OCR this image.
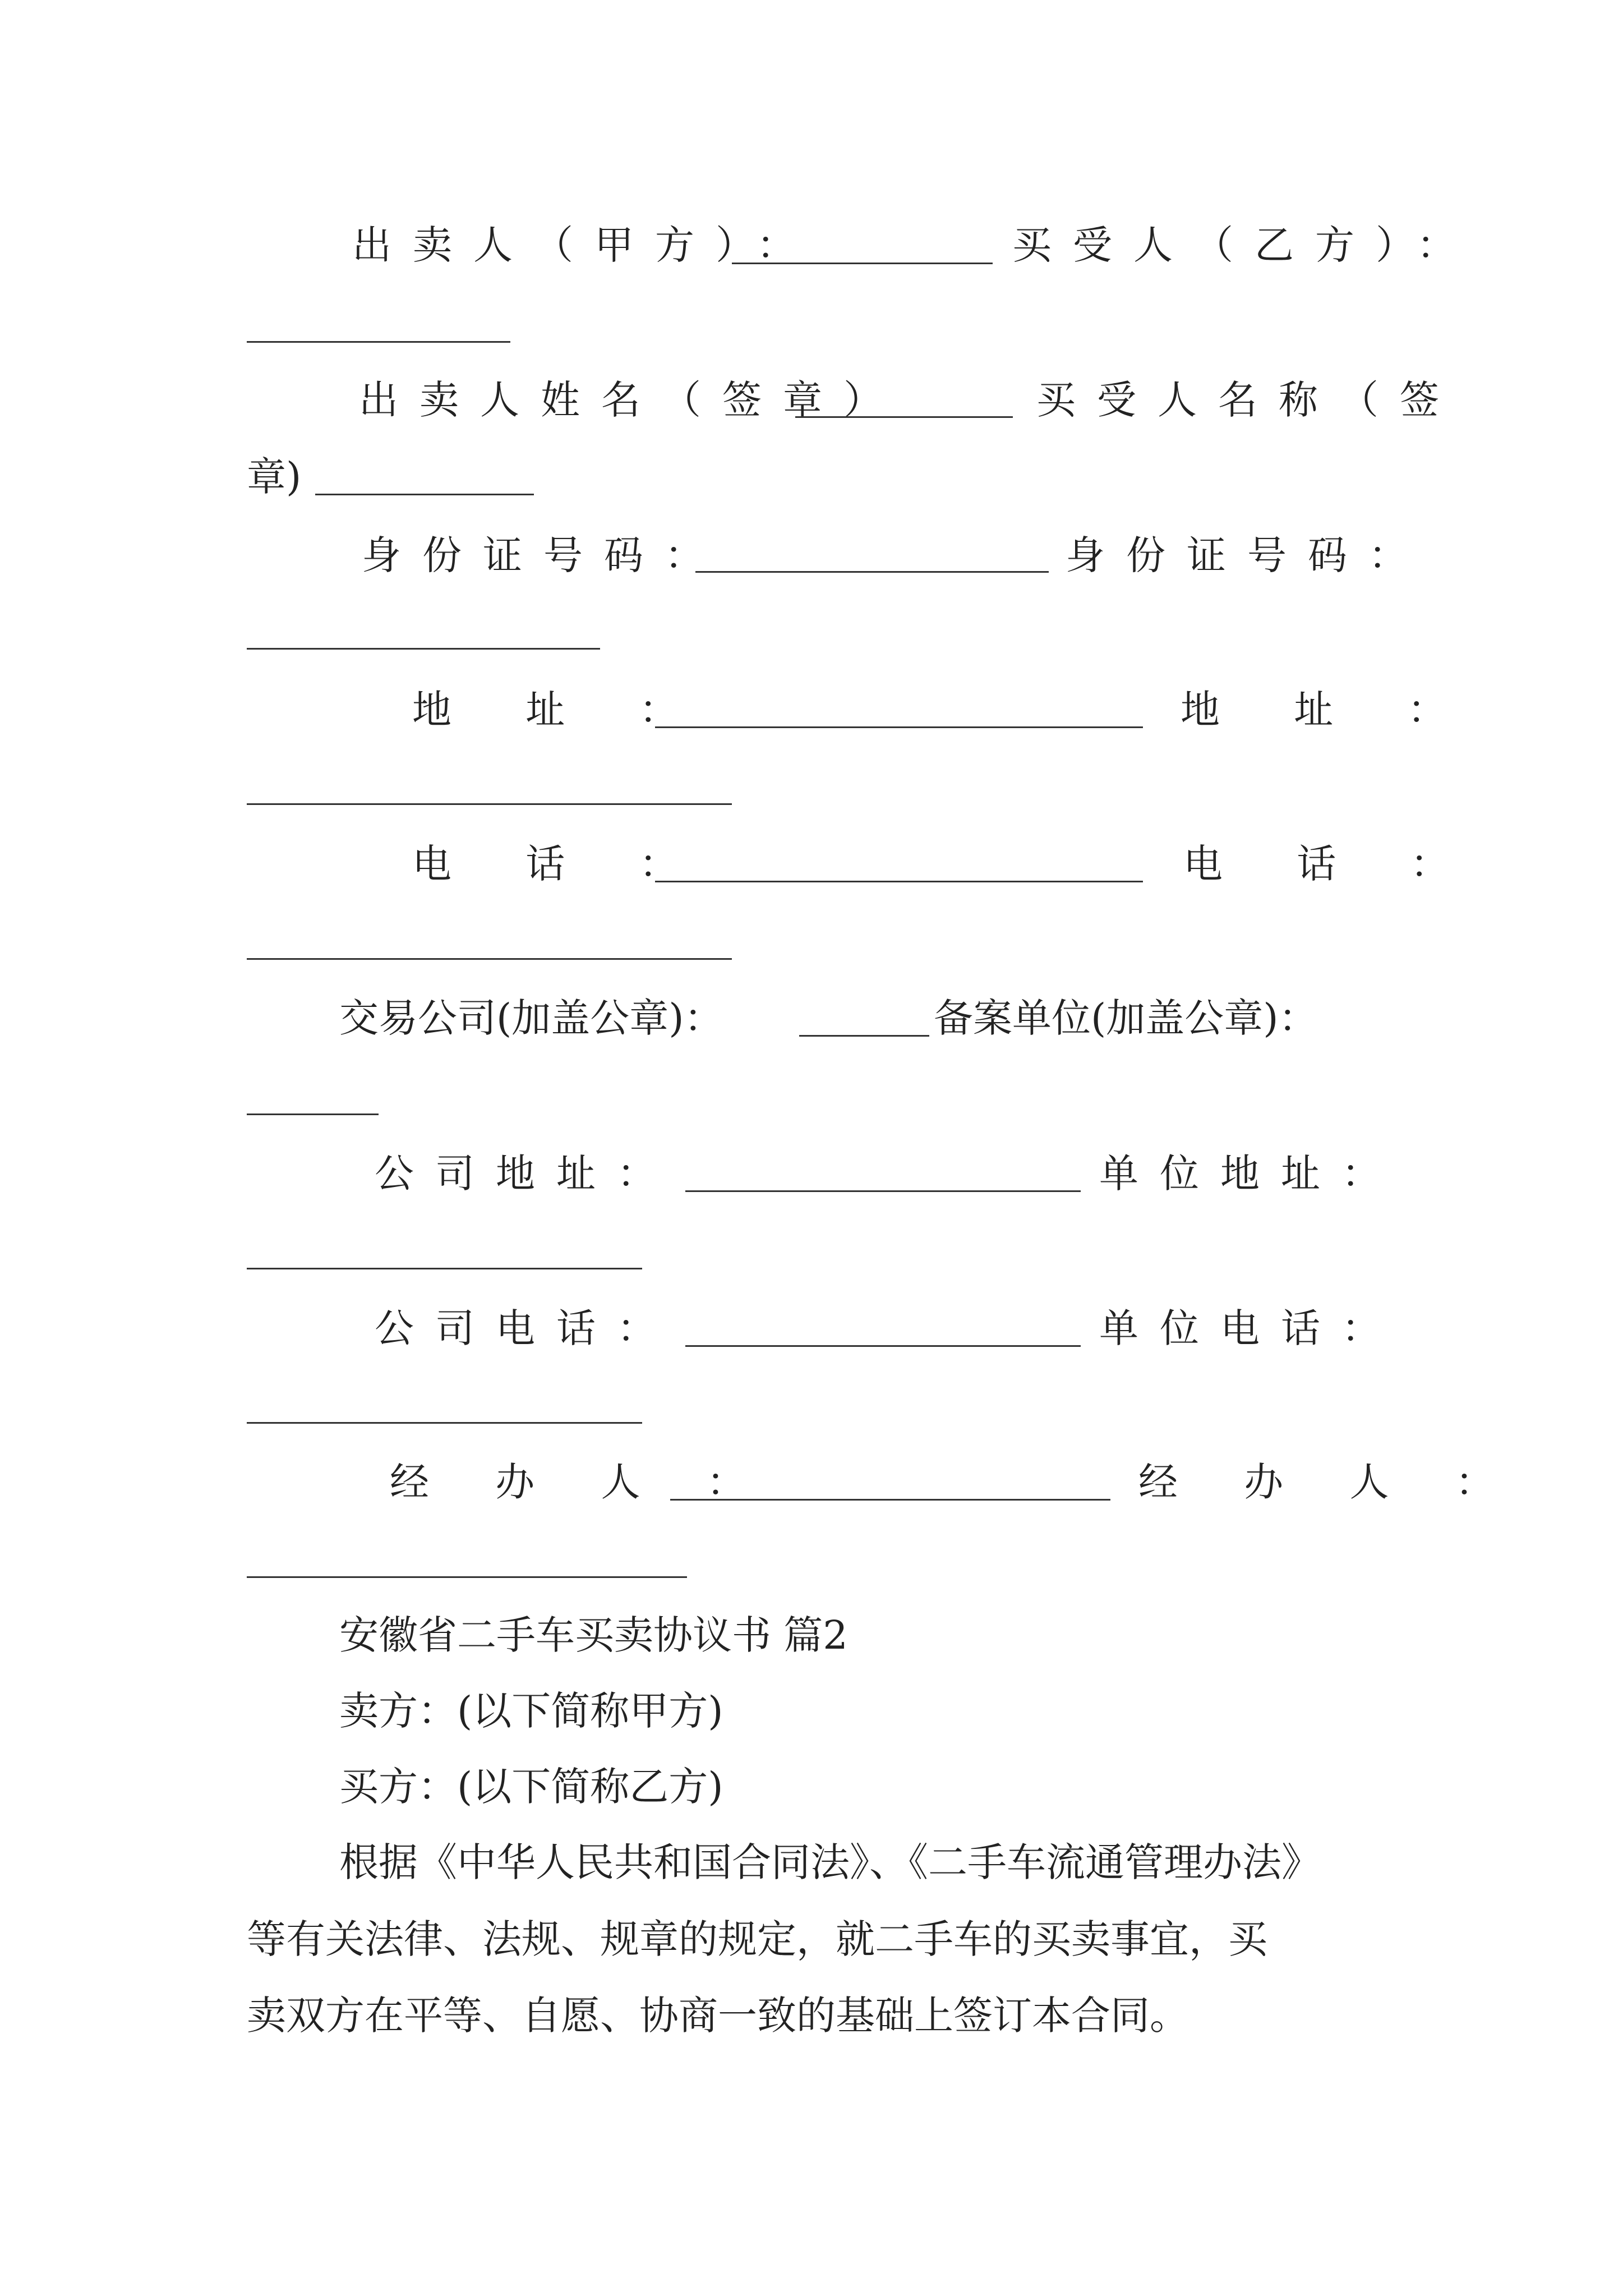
出卖人（甲方）：	买受人（乙方）：
出卖人姓名（签章）	买受人名称（签
章)
身份证号码：	身份证号码：
地 址 ：	地 址 ：
电 话 ：	电 话 ：
交易公司(加盖公章)：	备案单位(加盖公章)：
公司地址：	单位地址：
公司电话：	单位电话：
经 办 人 ：	经 办 人 ：
安徽省二手车买卖协议书 篇2
卖方：(以下简称甲方)
买方：(以下简称乙方)
根据《中华人民共和国合同法》、《二手车流通管理办法》
等有关法律、法规、规章的规定，就二手车的买卖事宜，买
卖双方在平等、自愿、协商一致的基础上签订本合同。
